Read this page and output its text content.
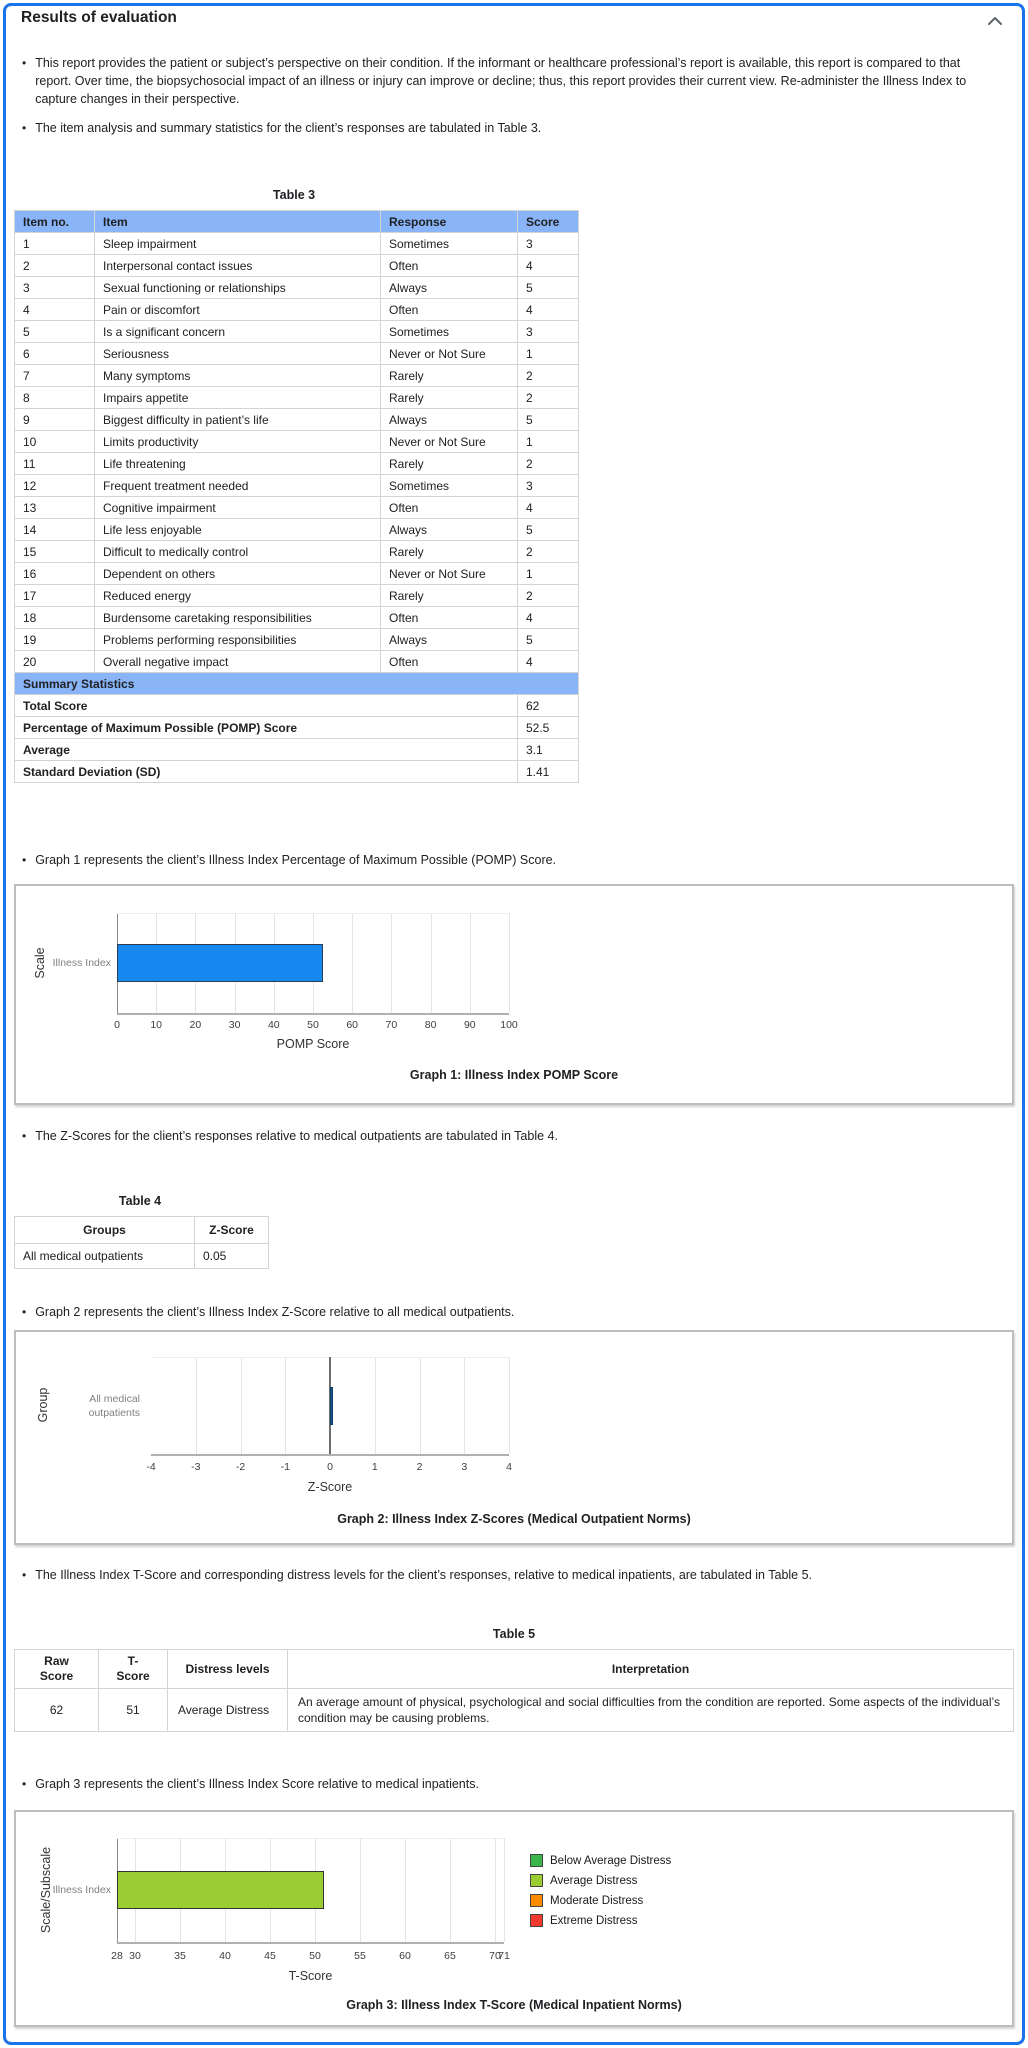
Results of evaluation
• This report provides the patient or subject’s perspective on their condition. If the informant or healthcare professional’s report is available, this report is compared to that report. Over time, the biopsychosocial impact of an illness or injury can improve or decline; thus, this report provides their current view. Re-administer the Illness Index to capture changes in their perspective.
• The item analysis and summary statistics for the client’s responses are tabulated in Table 3.
Table 3
Item no.	Item	Response	Score
1	Sleep impairment	Sometimes	3
2	Interpersonal contact issues	Often	4
3	Sexual functioning or relationships	Always	5
4	Pain or discomfort	Often	4
5	Is a significant concern	Sometimes	3
6	Seriousness	Never or Not Sure	1
7	Many symptoms	Rarely	2
8	Impairs appetite	Rarely	2
9	Biggest difficulty in patient’s life	Always	5
10	Limits productivity	Never or Not Sure	1
11	Life threatening	Rarely	2
12	Frequent treatment needed	Sometimes	3
13	Cognitive impairment	Often	4
14	Life less enjoyable	Always	5
15	Difficult to medically control	Rarely	2
16	Dependent on others	Never or Not Sure	1
17	Reduced energy	Rarely	2
18	Burdensome caretaking responsibilities	Often	4
19	Problems performing responsibilities	Always	5
20	Overall negative impact	Often	4
Summary Statistics			
Total Score			62
Percentage of Maximum Possible (POMP) Score			52.5
Average			3.1
Standard Deviation (SD)			1.41
• Graph 1 represents the client’s Illness Index Percentage of Maximum Possible (POMP) Score.
Scale Illness Index
0	10	20	30	40	50	60	70	80	90 100
POMP Score
Graph 1: Illness Index POMP Score
• The Z-Scores for the client’s responses relative to medical outpatients are tabulated in Table 4.
Table 4
Groups	Z-Score
All medical outpatients	0.05
• Graph 2 represents the client’s Illness Index Z-Score relative to all medical outpatients.
Group	All medical outpatients
-4	-3	-2	-1	0	1	2	3	4
Z-Score
Graph 2: Illness Index Z-Scores (Medical Outpatient Norms)
• The Illness Index T-Score and corresponding distress levels for the client’s responses, relative to medical inpatients, are tabulated in Table 5.
Table 5
Raw Score	T-Score	Distress levels	Interpretation
62	51	Average Distress	An average amount of physical, psychological and social difficulties from the condition are reported. Some aspects of the individual’s condition may be causing problems.
• Graph 3 represents the client’s Illness Index Score relative to medical inpatients.
Scale/Subscale Illness Index
28 30	35	40	45	50	55	60	65	70
71
T-Score
Below Average Distress
Average Distress
Moderate Distress
Extreme Distress
Graph 3: Illness Index T-Score (Medical Inpatient Norms)
